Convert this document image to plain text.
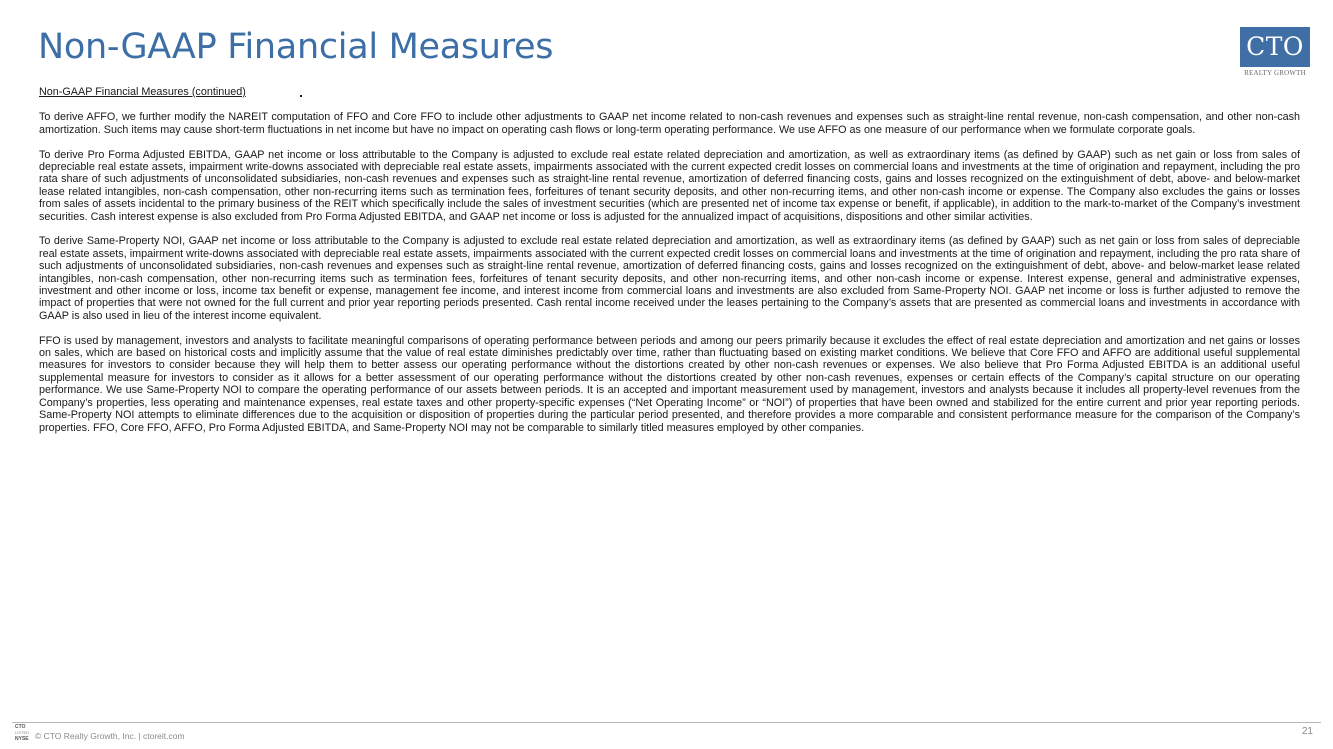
Non-GAAP Financial Measures	CTO
REALTY GROWTH
Non-GAAP Financial Measures (continued)

To derive AFFO, we further modify the NAREIT computation of FFO and Core FFO to include other adjustments to GAAP net income related to non-cash revenues and expenses such as straight-line rental revenue, non-cash compensation, and other non-cash amortization. Such items may cause short-term fluctuations in net income but have no impact on operating cash flows or long-term operating performance. We use AFFO as one measure of our performance when we formulate corporate goals.

To derive Pro Forma Adjusted EBITDA, GAAP net income or loss attributable to the Company is adjusted to exclude real estate related depreciation and amortization, as well as extraordinary items (as defined by GAAP) such as net gain or loss from sales of depreciable real estate assets, impairment write-downs associated with depreciable real estate assets, impairments associated with the current expected credit losses on commercial loans and investments at the time of origination and repayment, including the pro rata share of such adjustments of unconsolidated subsidiaries, non-cash revenues and expenses such as straight-line rental revenue, amortization of deferred financing costs, gains and losses recognized on the extinguishment of debt, above- and below-market lease related intangibles, non-cash compensation, other non-recurring items such as termination fees, forfeitures of tenant security deposits, and other non-recurring items, and other non-cash income or expense. The Company also excludes the gains or losses from sales of assets incidental to the primary business of the REIT which specifically include the sales of investment securities (which are presented net of income tax expense or benefit, if applicable), in addition to the mark-to-market of the Company’s investment securities. Cash interest expense is also excluded from Pro Forma Adjusted EBITDA, and GAAP net income or loss is adjusted for the annualized impact of acquisitions, dispositions and other similar activities.

To derive Same-Property NOI, GAAP net income or loss attributable to the Company is adjusted to exclude real estate related depreciation and amortization, as well as extraordinary items (as defined by GAAP) such as net gain or loss from sales of depreciable real estate assets, impairment write-downs associated with depreciable real estate assets, impairments associated with the current expected credit losses on commercial loans and investments at the time of origination and repayment, including the pro rata share of such adjustments of unconsolidated subsidiaries, non-cash revenues and expenses such as straight-line rental revenue, amortization of deferred financing costs, gains and losses recognized on the extinguishment of debt, above- and below-market lease related intangibles, non-cash compensation, other non-recurring items such as termination fees, forfeitures of tenant security deposits, and other non-recurring items, and other non-cash income or expense. Interest expense, general and administrative expenses, investment and other income or loss, income tax benefit or expense, management fee income, and interest income from commercial loans and investments are also excluded from Same-Property NOI. GAAP net income or loss is further adjusted to remove the impact of properties that were not owned for the full current and prior year reporting periods presented. Cash rental income received under the leases pertaining to the Company’s assets that are presented as commercial loans and investments in accordance with GAAP is also used in lieu of the interest income equivalent.

FFO is used by management, investors and analysts to facilitate meaningful comparisons of operating performance between periods and among our peers primarily because it excludes the effect of real estate depreciation and amortization and net gains or losses on sales, which are based on historical costs and implicitly assume that the value of real estate diminishes predictably over time, rather than fluctuating based on existing market conditions. We believe that Core FFO and AFFO are additional useful supplemental measures for investors to consider because they will help them to better assess our operating performance without the distortions created by other non-cash revenues or expenses. We also believe that Pro Forma Adjusted EBITDA is an additional useful supplemental measure for investors to consider as it allows for a better assessment of our operating performance without the distortions created by other non-cash revenues, expenses or certain effects of the Company’s capital structure on our operating performance. We use Same-Property NOI to compare the operating performance of our assets between periods. It is an accepted and important measurement used by management, investors and analysts because it includes all property-level revenues from the Company’s properties, less operating and maintenance expenses, real estate taxes and other property-specific expenses (“Net Operating Income” or “NOI”) of properties that have been owned and stabilized for the entire current and prior year reporting periods. Same-Property NOI attempts to eliminate differences due to the acquisition or disposition of properties during the particular period presented, and therefore provides a more comparable and consistent performance measure for the comparison of the Company’s properties. FFO, Core FFO, AFFO, Pro Forma Adjusted EBITDA, and Same-Property NOI may not be comparable to similarly titled measures employed by other companies.

CTO
LISTED
NYSE © CTO Realty Growth, Inc. | ctoreit.com	21
